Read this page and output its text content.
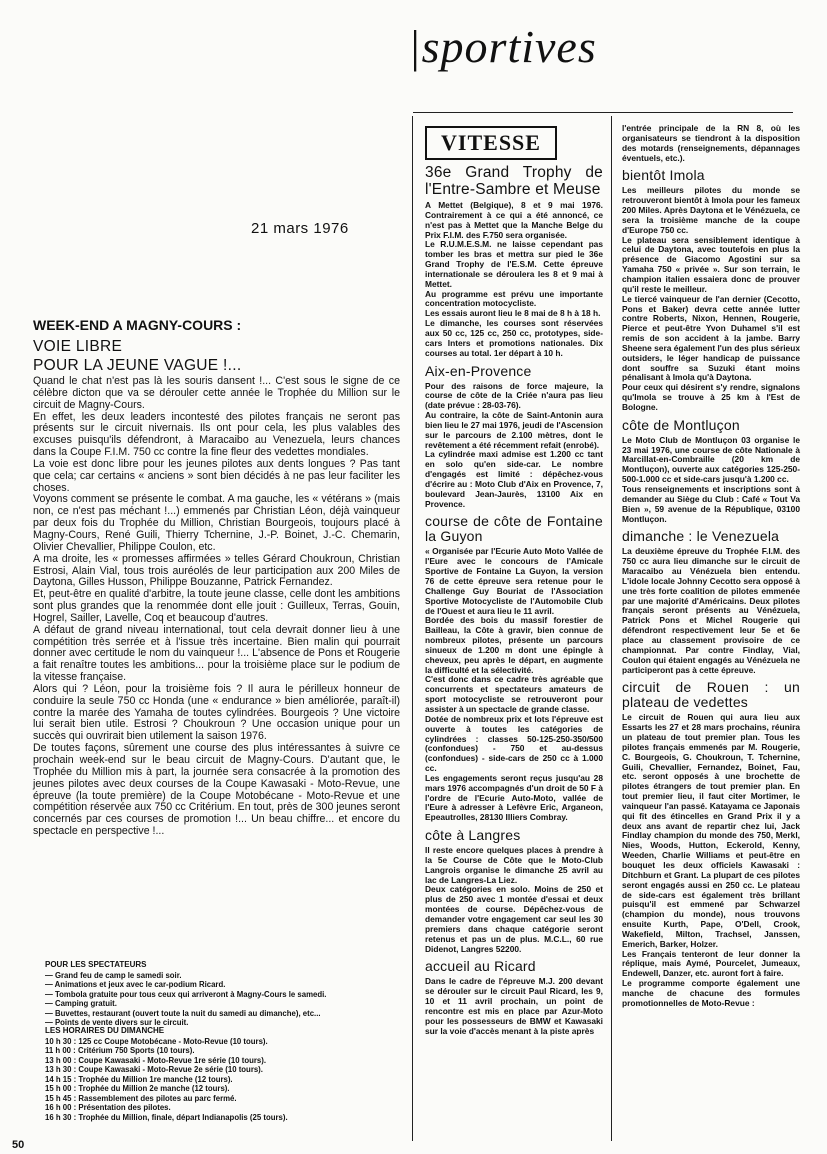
|sportives
21 mars 1976
WEEK-END A MAGNY-COURS :
VOIE LIBRE
POUR LA JEUNE VAGUE !...

Quand le chat n'est pas là les souris dansent !... C'est sous le signe de ce célèbre dicton que va se dérouler cette année le Trophée du Million sur le circuit de Magny-Cours.

En effet, les deux leaders incontesté des pilotes français ne seront pas présents sur le circuit nivernais. Ils ont pour cela, les plus valables des excuses puisqu'ils défendront, à Maracaibo au Venezuela, leurs chances dans la Coupe F.I.M. 750 cc contre la fine fleur des vedettes mondiales.

La voie est donc libre pour les jeunes pilotes aux dents longues ? Pas tant que cela; car certains « anciens » sont bien décidés à ne pas leur faciliter les choses.

Voyons comment se présente le combat. A ma gauche, les « vétérans » (mais non, ce n'est pas méchant !...) emmenés par Christian Léon, déjà vainqueur par deux fois du Trophée du Million, Christian Bourgeois, toujours placé à Magny-Cours, René Guili, Thierry Tchernine, J.-P. Boinet, J.-C. Chemarin, Olivier Chevallier, Philippe Coulon, etc.

A ma droite, les « promesses affirmées » telles Gérard Choukroun, Christian Estrosi, Alain Vial, tous trois auréolés de leur participation aux 200 Miles de Daytona, Gilles Husson, Philippe Bouzanne, Patrick Fernandez.

Et, peut-être en qualité d'arbitre, la toute jeune classe, celle dont les ambitions sont plus grandes que la renommée dont elle jouit : Guilleux, Terras, Gouin, Hogrel, Sailler, Lavelle, Coq et beaucoup d'autres.

A défaut de grand niveau international, tout cela devrait donner lieu à une compétition très serrée et à l'issue très incertaine. Bien malin qui pourrait donner avec certitude le nom du vainqueur !... L'absence de Pons et Rougerie a fait renaître toutes les ambitions... pour la troisième place sur le podium de la vitesse française.

Alors qui ? Léon, pour la troisième fois ? Il aura le périlleux honneur de conduire la seule 750 cc Honda (une « endurance » bien améliorée, paraît-il) contre la marée des Yamaha de toutes cylindrées. Bourgeois ? Une victoire lui serait bien utile. Estrosi ? Choukroun ? Une occasion unique pour un succès qui ouvrirait bien utilement la saison 1976.

De toutes façons, sûrement une course des plus intéressantes à suivre ce prochain week-end sur le beau circuit de Magny-Cours. D'autant que, le Trophée du Million mis à part, la journée sera consacrée à la promotion des jeunes pilotes avec deux courses de la Coupe Kawasaki - Moto-Revue, une épreuve (la toute première) de la Coupe Motobécane - Moto-Revue et une compétition réservée aux 750 cc Critérium. En tout, près de 300 jeunes seront concernés par ces courses de promotion !... Un beau chiffre... et encore du spectacle en perspective !...

POUR LES SPECTATEURS
— Grand feu de camp le samedi soir.
— Animations et jeux avec le car-podium Ricard.
— Tombola gratuite pour tous ceux qui arriveront à Magny-Cours le samedi.
— Camping gratuit.
— Buvettes, restaurant (ouvert toute la nuit du samedi au dimanche), etc...
— Points de vente divers sur le circuit.
LES HORAIRES DU DIMANCHE
10 h 30 : 125 cc Coupe Motobécane - Moto-Revue (10 tours).
11 h 00 : Critérium 750 Sports (10 tours).
13 h 00 : Coupe Kawasaki - Moto-Revue 1re série (10 tours).
13 h 30 : Coupe Kawasaki - Moto-Revue 2e série (10 tours).
14 h 15 : Trophée du Million 1re manche (12 tours).
15 h 00 : Trophée du Million 2e manche (12 tours).
15 h 45 : Rassemblement des pilotes au parc fermé.
16 h 00 : Présentation des pilotes.
16 h 30 : Trophée du Million, finale, départ Indianapolis (25 tours).
50
VITESSE
36e Grand Trophy de l'Entre-Sambre et Meuse

A Mettet (Belgique), 8 et 9 mai 1976. Contrairement à ce qui a été annoncé, ce n'est pas à Mettet que la Manche Belge du Prix F.I.M. des F.750 sera organisée.

Le R.U.M.E.S.M. ne laisse cependant pas tomber les bras et mettra sur pied le 36e Grand Trophy de l'E.S.M. Cette épreuve internationale se déroulera les 8 et 9 mai à Mettet.

Au programme est prévu une importante concentration motocycliste.

Les essais auront lieu le 8 mai de 8 h à 18 h.

Le dimanche, les courses sont réservées aux 50 cc, 125 cc, 250 cc, prototypes, side-cars Inters et promotions nationales. Dix courses au total. 1er départ à 10 h.

Aix-en-Provence

Pour des raisons de force majeure, la course de côte de la Criée n'aura pas lieu (date prévue : 28-03-76).

Au contraire, la côte de Saint-Antonin aura bien lieu le 27 mai 1976, jeudi de l'Ascension sur le parcours de 2.100 mètres, dont le revêtement a été récemment refait (enrobé).

La cylindrée maxi admise est 1.200 cc tant en solo qu'en side-car. Le nombre d'engagés est limité : dépêchez-vous d'écrire au : Moto Club d'Aix en Provence, 7, boulevard Jean-Jaurès, 13100 Aix en Provence.

course de côte de Fontaine la Guyon

« Organisée par l'Ecurie Auto Moto Vallée de l'Eure avec le concours de l'Amicale Sportive de Fontaine La Guyon, la version 76 de cette épreuve sera retenue pour le Challenge Guy Bouriat de l'Association Sportive Motocycliste de l'Automobile Club de l'Ouest et aura lieu le 11 avril.

Bordée des bois du massif forestier de Bailleau, la Côte à gravir, bien connue de nombreux pilotes, présente un parcours sinueux de 1.200 m dont une épingle à cheveux, peu après le départ, en augmente la difficulté et la sélectivité.

C'est donc dans ce cadre très agréable que concurrents et spectateurs amateurs de sport motocycliste se retrouveront pour assister à un spectacle de grande classe.

Dotée de nombreux prix et lots l'épreuve est ouverte à toutes les catégories de cylindrées : classes 50-125-250-350/500 (confondues) - 750 et au-dessus (confondues) - side-cars de 250 cc à 1.000 cc.

Les engagements seront reçus jusqu'au 28 mars 1976 accompagnés d'un droit de 50 F à l'ordre de l'Ecurie Auto-Moto, vallée de l'Eure à adresser à Lefèvre Eric, Arganeon, Epeautrolles, 28130 Illiers Combray.

côte à Langres

Il reste encore quelques places à prendre à la 5e Course de Côte que le Moto-Club Langrois organise le dimanche 25 avril au lac de Langres-La Liez.

Deux catégories en solo. Moins de 250 et plus de 250 avec 1 montée d'essai et deux montées de course. Dépêchez-vous de demander votre engagement car seul les 30 premiers dans chaque catégorie seront retenus et pas un de plus. M.C.L., 60 rue Didenot, Langres 52200.

accueil au Ricard

Dans le cadre de l'épreuve M.J. 200 devant se dérouler sur le circuit Paul Ricard, les 9, 10 et 11 avril prochain, un point de rencontre est mis en place par Azur-Moto pour les possesseurs de BMW et Kawasaki sur la voie d'accès menant à la piste après

l'entrée principale de la RN 8, où les organisateurs se tiendront à la disposition des motards (renseignements, dépannages éventuels, etc.).

bientôt Imola

Les meilleurs pilotes du monde se retrouveront bientôt à Imola pour les fameux 200 Miles. Après Daytona et le Vénézuela, ce sera la troisième manche de la coupe d'Europe 750 cc.

Le plateau sera sensiblement identique à celui de Daytona, avec toutefois en plus la présence de Giacomo Agostini sur sa Yamaha 750 « privée ». Sur son terrain, le champion italien essaiera donc de prouver qu'il reste le meilleur.

Le tiercé vainqueur de l'an dernier (Cecotto, Pons et Baker) devra cette année lutter contre Roberts, Nixon, Hennen, Rougerie, Pierce et peut-être Yvon Duhamel s'il est remis de son accident à la jambe. Barry Sheene sera également l'un des plus sérieux outsiders, le léger handicap de puissance dont souffre sa Suzuki étant moins pénalisant à Imola qu'à Daytona.

Pour ceux qui désirent s'y rendre, signalons qu'Imola se trouve à 25 km à l'Est de Bologne.

côte de Montluçon

Le Moto Club de Montluçon 03 organise le 23 mai 1976, une course de côte Nationale à Marcillat-en-Combraille (20 km de Montluçon), ouverte aux catégories 125-250-500-1.000 cc et side-cars jusqu'à 1.200 cc.

Tous renseignements et inscriptions sont à demander au Siège du Club : Café « Tout Va Bien », 59 avenue de la République, 03100 Montluçon.

dimanche : le Venezuela

La deuxième épreuve du Trophée F.I.M. des 750 cc aura lieu dimanche sur le circuit de Maracaibo au Vénézuela bien entendu. L'idole locale Johnny Cecotto sera opposé à une très forte coalition de pilotes emmenée par une majorité d'Américains. Deux pilotes français seront présents au Vénézuela, Patrick Pons et Michel Rougerie qui défendront respectivement leur 5e et 6e place au classement provisoire de ce championnat. Par contre Findlay, Vial, Coulon qui étaient engagés au Vénézuela ne participeront pas à cette épreuve.

circuit de Rouen : un plateau de vedettes

Le circuit de Rouen qui aura lieu aux Essarts les 27 et 28 mars prochains, réunira un plateau de tout premier plan. Tous les pilotes français emmenés par M. Rougerie, C. Bourgeois, G. Choukroun, T. Tchernine, Guili, Chevallier, Fernandez, Boinet, Fau, etc. seront opposés à une brochette de pilotes étrangers de tout premier plan. En tout premier lieu, il faut citer Mortimer, le vainqueur l'an passé. Katayama ce Japonais qui fit des étincelles en Grand Prix il y a deux ans avant de repartir chez lui, Jack Findlay champion du monde des 750, Merkl, Nies, Woods, Hutton, Eckerold, Kenny, Weeden, Charlie Williams et peut-être en bouquet les deux officiels Kawasaki : Ditchburn et Grant. La plupart de ces pilotes seront engagés aussi en 250 cc. Le plateau de side-cars est également très brillant puisqu'il est emmené par Schwarzel (champion du monde), nous trouvons ensuite Kurth, Pape, O'Dell, Crook, Wakefield, Milton, Trachsel, Janssen, Emerich, Barker, Holzer.

Les Français tenteront de leur donner la réplique, mais Aymé, Pourcelet, Jumeaux, Endewell, Danzer, etc. auront fort à faire.

Le programme comporte également une manche de chacune des formules promotionnelles de Moto-Revue :
